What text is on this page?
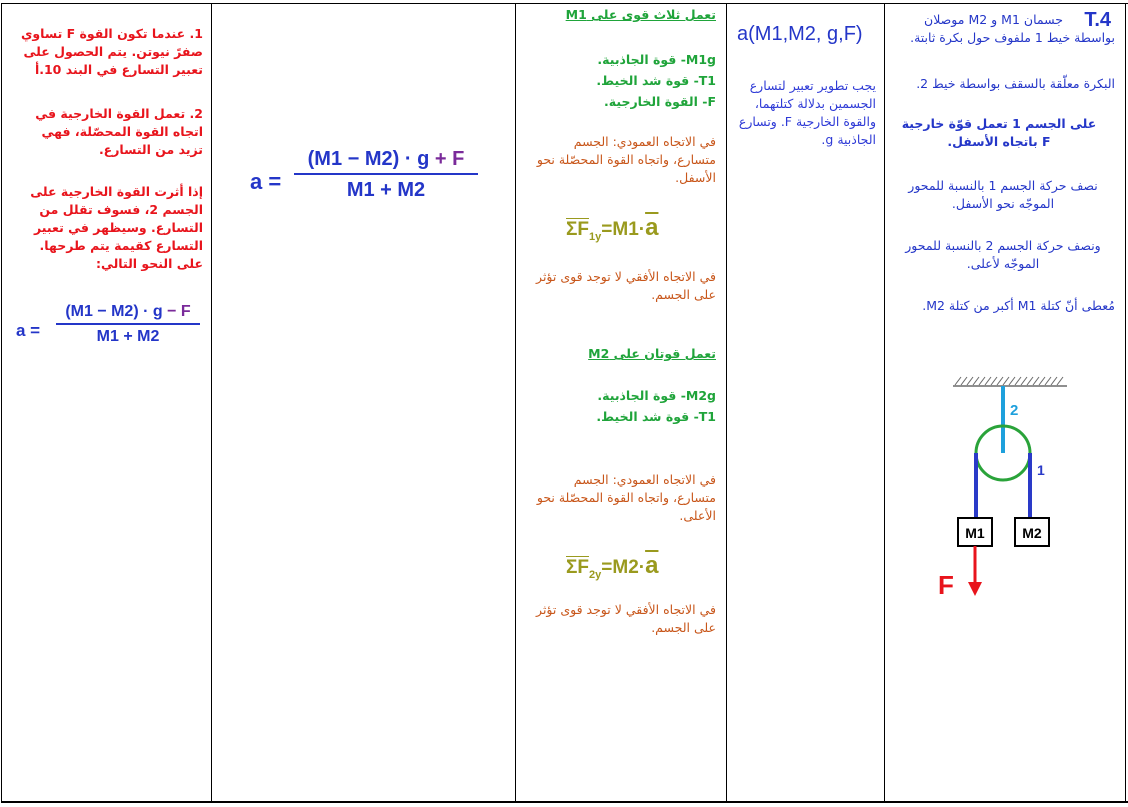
1. عندما تكون القوة F تساوي صفرً نيوتن. يتم الحصول على تعبير التسارع في البند 10.أ
2. تعمل القوة الخارجية في اتجاه القوة المحصّلة، فهي تزيد من التسارع.
إذا أثرت القوة الخارجية على الجسم 2، فسوف تقلل من التسارع. وسيظهر في تعبير التسارع كقيمة يتم طرحها. على النحو التالي:
a =
(M1 − M2) · g − F
M1 + M2
a =
(M1 − M2) · g + F
M1 + M2
تعمل ثلاث قوى على M1
M1g- قوة الجاذبية.
T1- قوة شد الخيط.
F- القوة الخارجية.
في الاتجاه العمودي: الجسم متسارع، واتجاه القوة المحصّلة نحو الأسفل.
$\overline{\Sigma F}_{1y}=M1\cdot\overline{a}$
في الاتجاه الأفقي لا توجد قوى تؤثر على الجسم.
تعمل قوتان على M2
M2g- قوة الجاذبية.
T1- قوة شد الخيط.
في الاتجاه العمودي: الجسم متسارع، واتجاه القوة المحصّلة نحو الأعلى.
$\overline{\Sigma F}_{2y}=M2\cdot\overline{a}$
في الاتجاه الأفقي لا توجد قوى تؤثر على الجسم.
a(M1,M2, g,F)
يجب تطوير تعبير لتسارع الجسمين بدلالة كتلتهما، والقوة الخارجية F. وتسارع الجاذبية g.
T.4
جسمان M1 و M2 موصلان بواسطة خيط 1 ملفوف حول بكرة ثابتة.
البكرة معلّقة بالسقف بواسطة خيط 2.
على الجسم 1 تعمل قوّة خارجية F باتجاه الأسفل.
نصف حركة الجسم 1 بالنسبة للمحور الموجّه نحو الأسفل.
ونصف حركة الجسم 2 بالنسبة للمحور الموجّه لأعلى.
مُعطى أنّ كتلة M1 أكبر من كتلة M2.
2
1
M1	M2
F
